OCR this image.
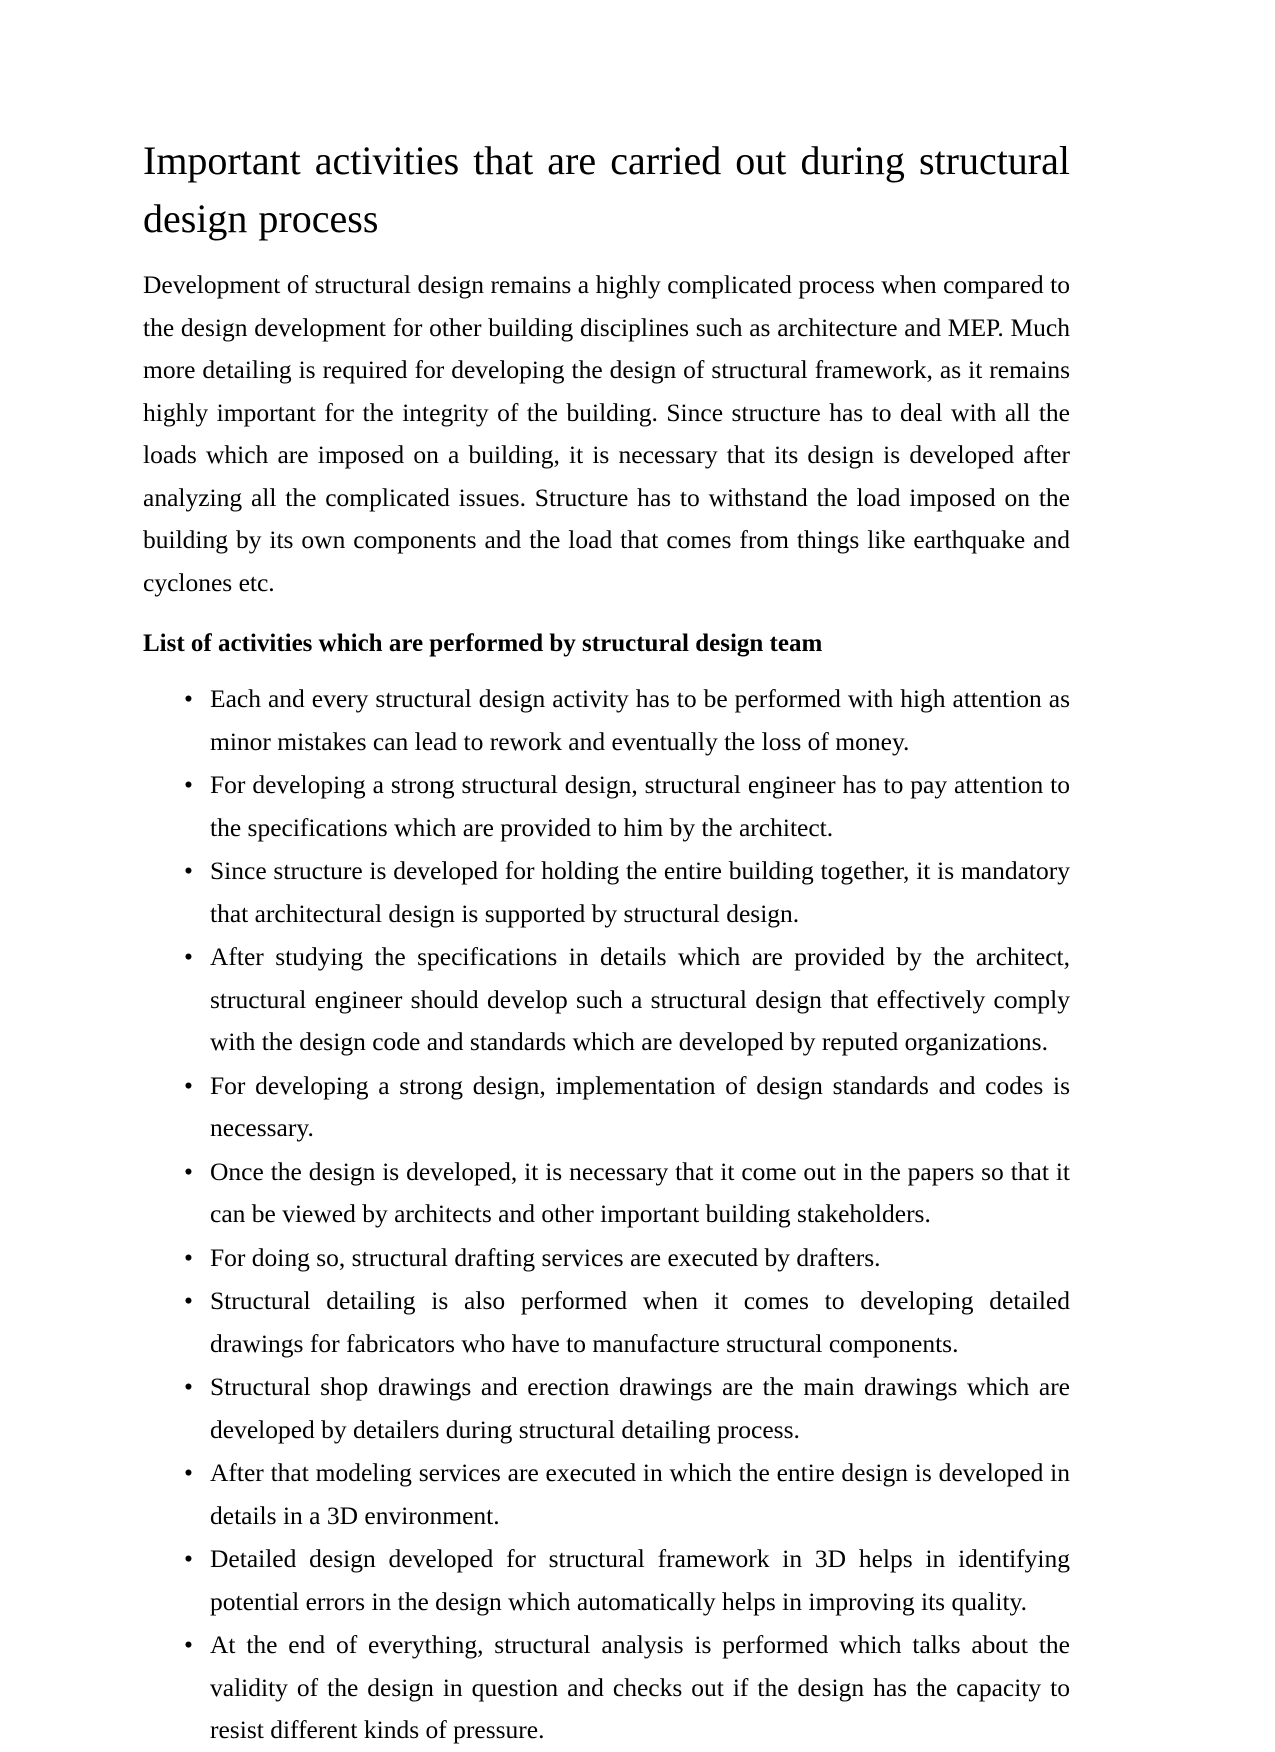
Important activities that are carried out during structural design process

Development of structural design remains a highly complicated process when compared to the design development for other building disciplines such as architecture and MEP. Much more detailing is required for developing the design of structural framework, as it remains highly important for the integrity of the building. Since structure has to deal with all the loads which are imposed on a building, it is necessary that its design is developed after analyzing all the complicated issues. Structure has to withstand the load imposed on the building by its own components and the load that comes from things like earthquake and cyclones etc.

List of activities which are performed by structural design team
• Each and every structural design activity has to be performed with high attention as minor mistakes can lead to rework and eventually the loss of money.
• For developing a strong structural design, structural engineer has to pay attention to the specifications which are provided to him by the architect.
• Since structure is developed for holding the entire building together, it is mandatory that architectural design is supported by structural design.
• After studying the specifications in details which are provided by the architect, structural engineer should develop such a structural design that effectively comply with the design code and standards which are developed by reputed organizations.
• For developing a strong design, implementation of design standards and codes is necessary.
• Once the design is developed, it is necessary that it come out in the papers so that it can be viewed by architects and other important building stakeholders.
• For doing so, structural drafting services are executed by drafters.
• Structural detailing is also performed when it comes to developing detailed drawings for fabricators who have to manufacture structural components.
• Structural shop drawings and erection drawings are the main drawings which are developed by detailers during structural detailing process.
• After that modeling services are executed in which the entire design is developed in details in a 3D environment.
• Detailed design developed for structural framework in 3D helps in identifying potential errors in the design which automatically helps in improving its quality.
• At the end of everything, structural analysis is performed which talks about the validity of the design in question and checks out if the design has the capacity to resist different kinds of pressure.
